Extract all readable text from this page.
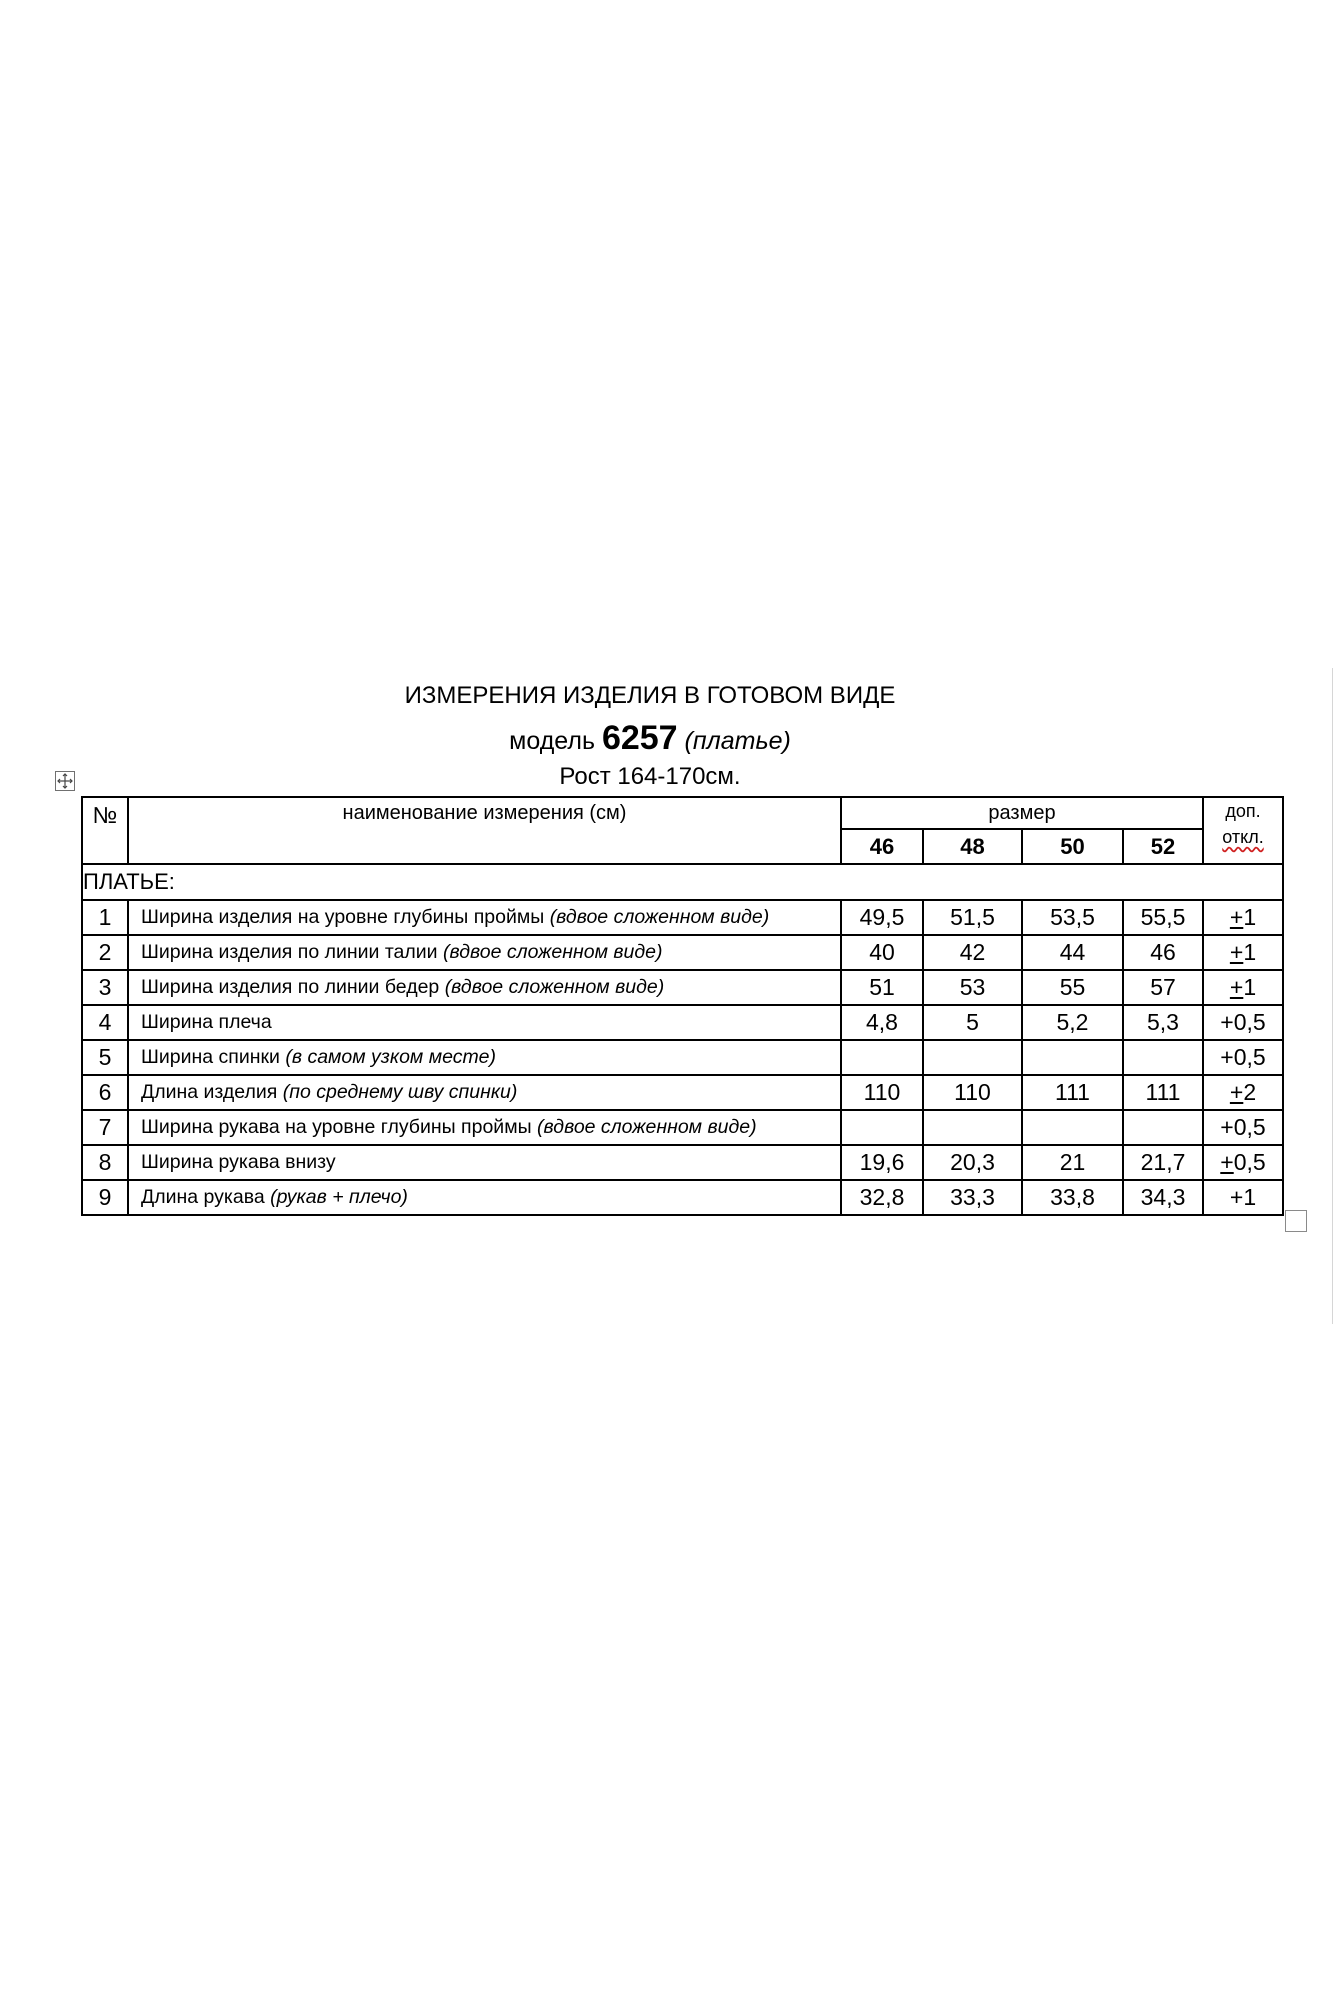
ИЗМЕРЕНИЯ ИЗДЕЛИЯ В ГОТОВОМ ВИДЕ
модель 6257 (платье)
Рост 164-170см.
№	наименование измерения (см)	размер				доп.
откл.

		46	48	50	52	
ПЛАТЬЕ:						
1	Ширина изделия на уровне глубины проймы (вдвое сложенном виде)	49,5	51,5	53,5	55,5	+1
2	Ширина изделия по линии талии (вдвое сложенном виде)	40	42	44	46	+1
3	Ширина изделия по линии бедер (вдвое сложенном виде)	51	53	55	57	+1
4	Ширина плеча	4,8	5	5,2	5,3	+0,5
5	Ширина спинки (в самом узком месте)					+0,5
6	Длина изделия (по среднему шву спинки)	110	110	111	111	+2
7	Ширина рукава на уровне глубины проймы (вдвое сложенном виде)					+0,5
8	Ширина рукава внизу	19,6	20,3	21	21,7	+0,5
9	Длина рукава (рукав + плечо)	32,8	33,3	33,8	34,3	+1
